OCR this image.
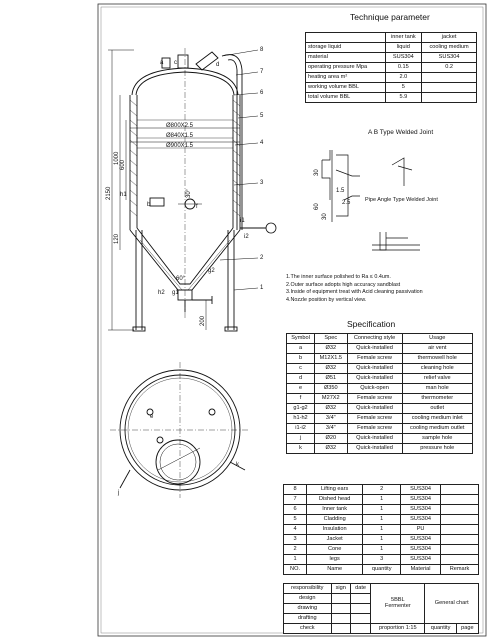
Ø800X2.5
Ø840X1.5
Ø900X1.5
2150
1000 600
120
200
60°
30°
8
7
6
5
4
3
2
1
a
b
c	d
e
f
g1
g2
h1
h2
i1
i2
j
k
30
1.5
2.5
60
30
Technique parameter
	inner tank	jacket
storage liquid	liquid	cooling medium
material	SUS304	SUS304
operating pressure Mpa	0.15	0.2
heating area m²	2.0	
working volume BBL	5	
total volume BBL	5.9	
A B Type Welded Joint
Pipe Angle Type Welded Joint
1.The inner surface polished to Ra ≤ 0.4um.
2.Outer surface adopts high accuracy sandblast
3.Inside of equipment treat with Acid cleaning passivation
4.Nozzle position by vertical view.
Specification
Symbol	Spec	Connecting style	Usage
a	Ø32	Quick-installed	air vent
b	M12X1.5	Female screw	thermowell hole
c	Ø32	Quick-installed	cleaning hole
d	Ø51	Quick-installed	relief valve
e	Ø350	Quick-open	man hole
f	M27X2	Female screw	thermometer
g1-g2	Ø32	Quick-installed	outlet
h1-h2	3/4"	Female screw	cooling medium inlet
i1-i2	3/4"	Female screw	cooling medium outlet
j	Ø20	Quick-installed	sample hole
k	Ø32	Quick-installed	pressure hole
8	Lifting ears	2	SUS304	
7	Dished head	1	SUS304	
6	Inner tank	1	SUS304	
5	Cladding	1	SUS304	
4	Insulation	1	PU	
3	Jacket	1	SUS304	
2	Cone	1	SUS304	
1	legs	3	SUS304	
NO.	Name	quantity	Material	Remark
responsibility	sign	date	5BBL
Fermenter	General chart	
design					
drawing					
drafting					
check			proportion 1:15	quantity	page
